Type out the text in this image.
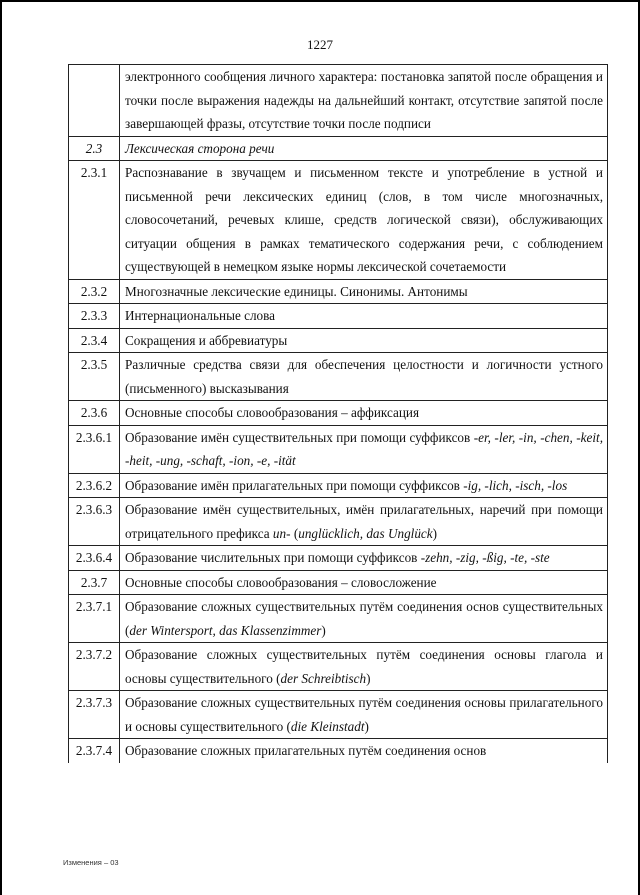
1227
	электронного сообщения личного характера: постановка запятой после обращения и точки после выражения надежды на дальнейший контакт, отсутствие запятой после завершающей фразы, отсутствие точки после подписи
2.3	Лексическая сторона речи
2.3.1	Распознавание в звучащем и письменном тексте и употребление в устной и письменной речи лексических единиц (слов, в том числе многозначных, словосочетаний, речевых клише, средств логической связи), обслуживающих ситуации общения в рамках тематического содержания речи, с соблюдением существующей в немецком языке нормы лексической сочетаемости
2.3.2	Многозначные лексические единицы. Синонимы. Антонимы
2.3.3	Интернациональные слова
2.3.4	Сокращения и аббревиатуры
2.3.5	Различные средства связи для обеспечения целостности и логичности устного (письменного) высказывания
2.3.6	Основные способы словообразования – аффиксация
2.3.6.1	Образование имён существительных при помощи суффиксов -er, -ler, -in, -chen, -keit, -heit, -ung, -schaft, -ion, -e, -ität
2.3.6.2	Образование имён прилагательных при помощи суффиксов -ig, -lich, -isch, -los
2.3.6.3	Образование имён существительных, имён прилагательных, наречий при помощи отрицательного префикса un- (unglücklich, das Unglück)
2.3.6.4	Образование числительных при помощи суффиксов -zehn, -zig, -ßig, -te, -ste
2.3.7	Основные способы словообразования – словосложение
2.3.7.1	Образование сложных существительных путём соединения основ существительных (der Wintersport, das Klassenzimmer)
2.3.7.2	Образование сложных существительных путём соединения основы глагола и основы существительного (der Schreibtisch)
2.3.7.3	Образование сложных существительных путём соединения основы прилагательного и основы существительного (die Kleinstadt)
2.3.7.4	Образование сложных прилагательных путём соединения основ
Изменения – 03
